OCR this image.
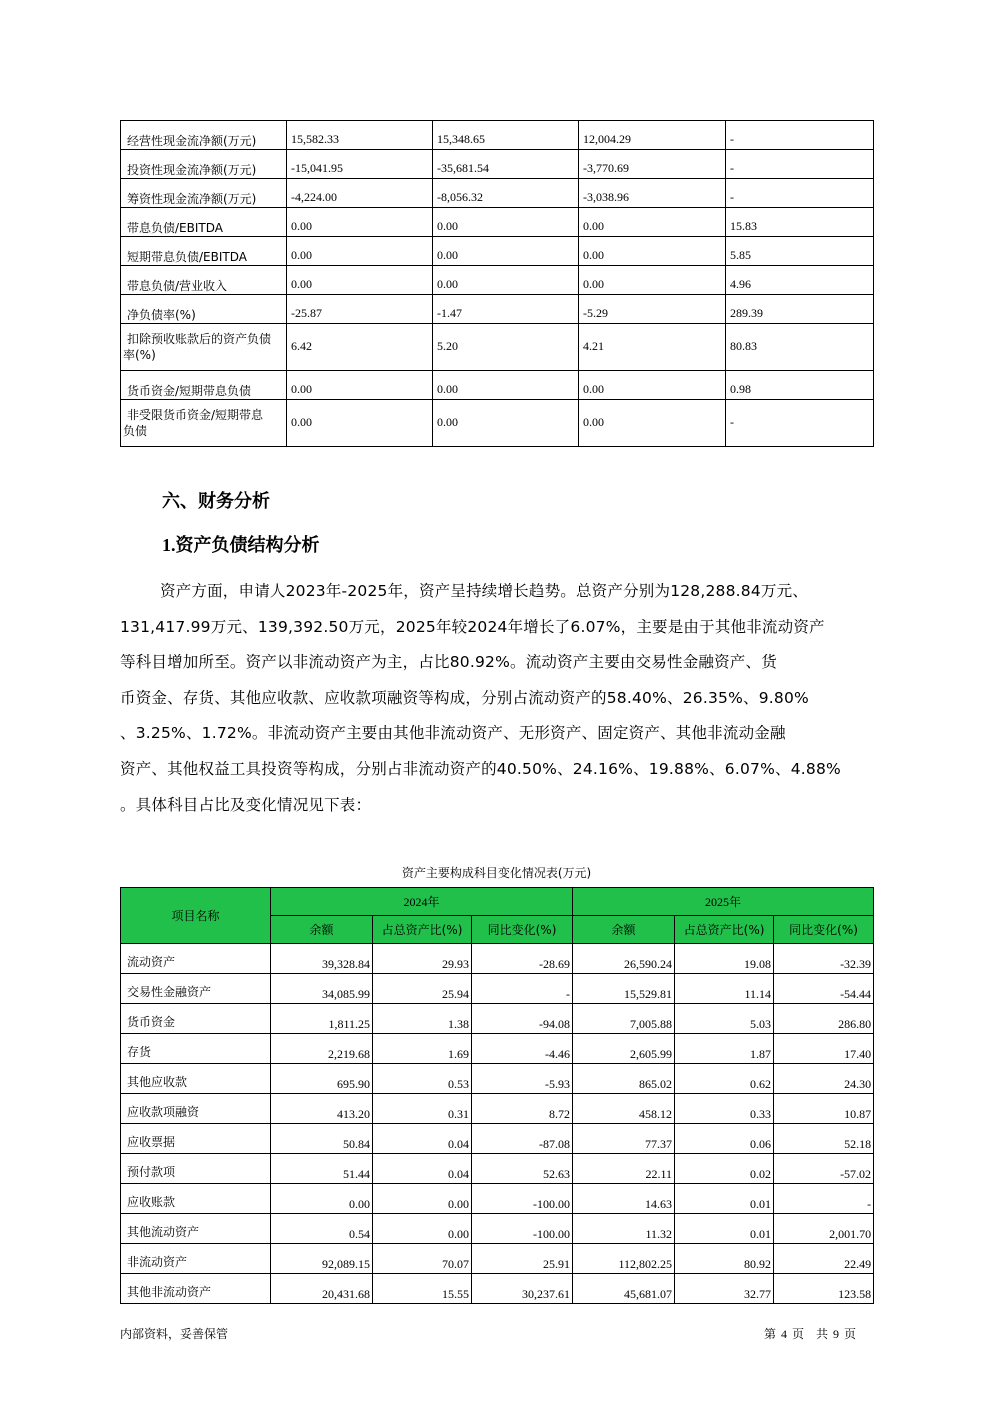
经营性现金流净额(万元)	15,582.33	15,348.65	12,004.29	-
投资性现金流净额(万元)	-15,041.95	-35,681.54	-3,770.69	-
筹资性现金流净额(万元)	-4,224.00	-8,056.32	-3,038.96	-
带息负债/EBITDA	0.00	0.00	0.00	15.83
短期带息负债/EBITDA	0.00	0.00	0.00	5.85
带息负债/营业收入	0.00	0.00	0.00	4.96
净负债率(%)	-25.87	-1.47	-5.29	289.39

扣除预收账款后的资产负债
率(%)	6.42	5.20	4.21	80.83
货币资金/短期带息负债	0.00	0.00	0.00	0.98

非受限货币资金/短期带息
负债	0.00	0.00	0.00	-
六、财务分析
1.资产负债结构分析
资产方面，申请人2023年-2025年，资产呈持续增长趋势。总资产分别为128,288.84万元、
131,417.99万元、139,392.50万元，2025年较2024年增长了6.07%，主要是由于其他非流动资产
等科目增加所至。资产以非流动资产为主，占比80.92%。流动资产主要由交易性金融资产、货
币资金、存货、其他应收款、应收款项融资等构成，分别占流动资产的58.40%、26.35%、9.80%
、3.25%、1.72%。非流动资产主要由其他非流动资产、无形资产、固定资产、其他非流动金融
资产、其他权益工具投资等构成，分别占非流动资产的40.50%、24.16%、19.88%、6.07%、4.88%
。具体科目占比及变化情况见下表：
资产主要构成科目变化情况表(万元)
项目名称	2024年			2025年		
	余额	占总资产比(%)	同比变化(%)	余额	占总资产比(%)	同比变化(%)
流动资产	39,328.84	29.93	-28.69	26,590.24	19.08	-32.39
交易性金融资产	34,085.99	25.94	-	15,529.81	11.14	-54.44
货币资金	1,811.25	1.38	-94.08	7,005.88	5.03	286.80
存货	2,219.68	1.69	-4.46	2,605.99	1.87	17.40
其他应收款	695.90	0.53	-5.93	865.02	0.62	24.30
应收款项融资	413.20	0.31	8.72	458.12	0.33	10.87
应收票据	50.84	0.04	-87.08	77.37	0.06	52.18
预付款项	51.44	0.04	52.63	22.11	0.02	-57.02
应收账款	0.00	0.00	-100.00	14.63	0.01	-
其他流动资产	0.54	0.00	-100.00	11.32	0.01	2,001.70
非流动资产	92,089.15	70.07	25.91	112,802.25	80.92	22.49
其他非流动资产	20,431.68	15.55	30,237.61	45,681.07	32.77	123.58
内部资料，妥善保管	第 4 页　共 9 页
